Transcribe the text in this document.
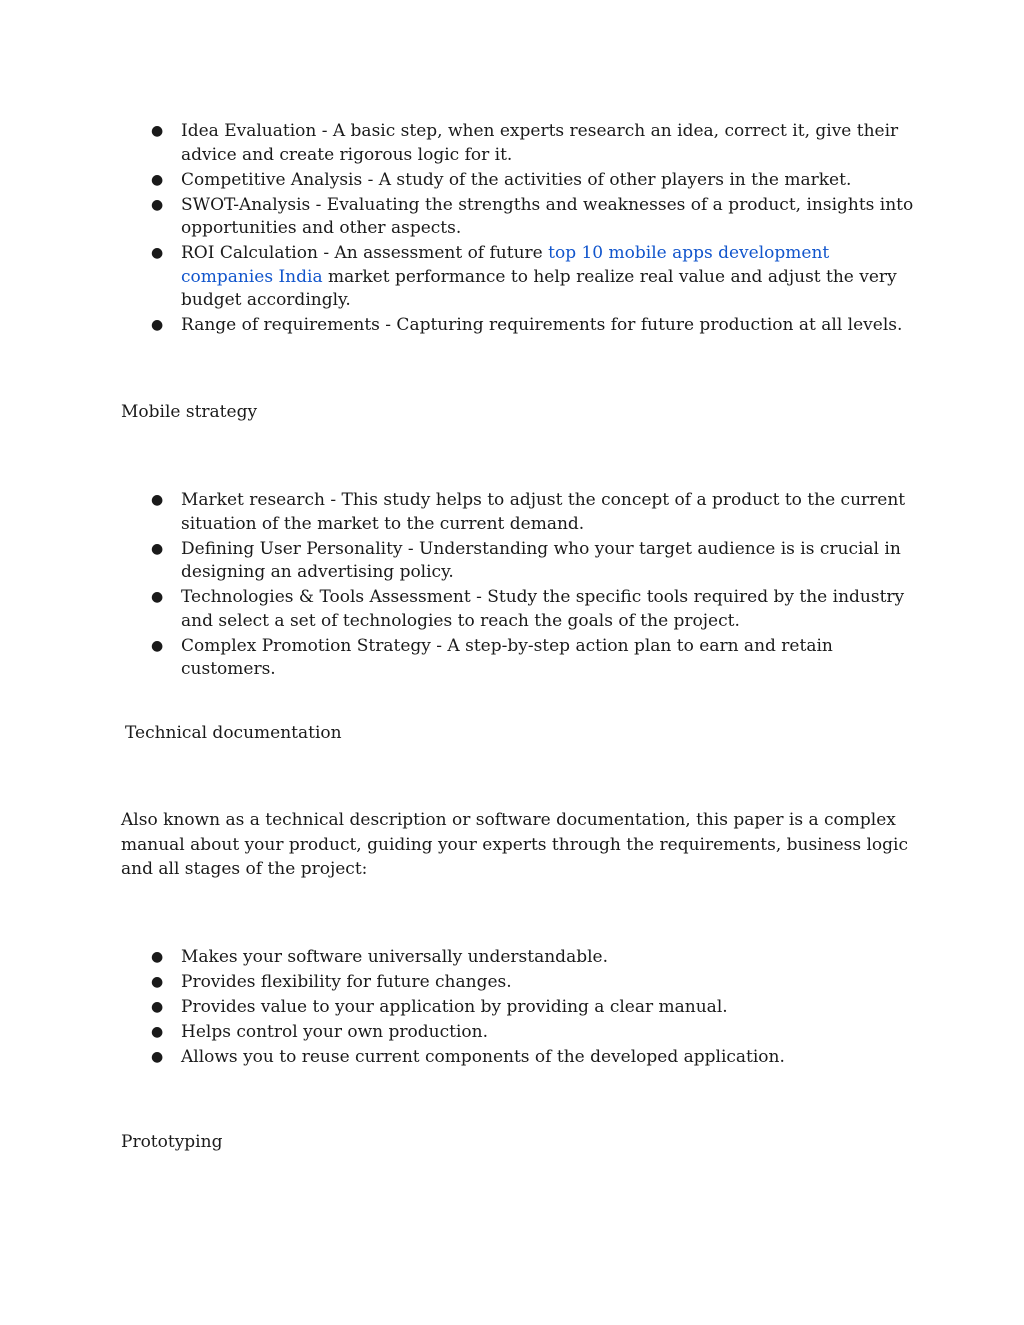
● Idea Evaluation - A basic step, when experts research an idea, correct it, give their advice and create rigorous logic for it.
● Competitive Analysis - A study of the activities of other players in the market.
● SWOT-Analysis - Evaluating the strengths and weaknesses of a product, insights into opportunities and other aspects.
● ROI Calculation - An assessment of future top 10 mobile apps development companies India market performance to help realize real value and adjust the very budget accordingly.
● Range of requirements - Capturing requirements for future production at all levels.
Mobile strategy
● Market research - This study helps to adjust the concept of a product to the current situation of the market to the current demand.
● Defining User Personality - Understanding who your target audience is is crucial in designing an advertising policy.
● Technologies & Tools Assessment - Study the specific tools required by the industry and select a set of technologies to reach the goals of the project.
● Complex Promotion Strategy - A step-by-step action plan to earn and retain customers.
Technical documentation

Also known as a technical description or software documentation, this paper is a complex manual about your product, guiding your experts through the requirements, business logic and all stages of the project:

● Makes your software universally understandable.
● Provides flexibility for future changes.
● Provides value to your application by providing a clear manual.
● Helps control your own production.
● Allows you to reuse current components of the developed application.
Prototyping
